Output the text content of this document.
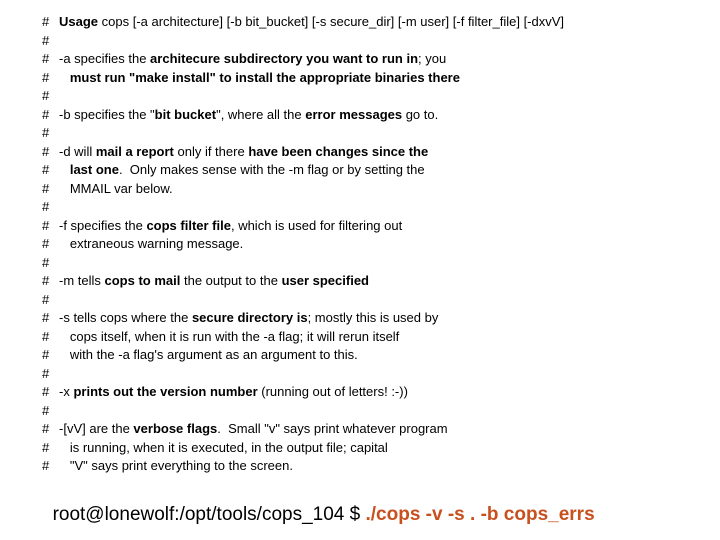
# Usage cops [-a architecture] [-b bit_bucket] [-s secure_dir] [-m user] [-f filter_file] [-dxvV]
#
# -a specifies the architecure subdirectory you want to run in; you
# must run "make install" to install the appropriate binaries there
#
# -b specifies the "bit bucket", where all the error messages go to.
#
# -d will mail a report only if there have been changes since the
#	last one.  Only makes sense with the -m flag or by setting the
# MMAIL var below.
#
# -f specifies the cops filter file, which is used for filtering out
# extraneous warning message.
#
# -m tells cops to mail the output to the user specified
#
# -s tells cops where the secure directory is; mostly this is used by
# cops itself, when it is run with the -a flag; it will rerun itself
# with the -a flag's argument as an argument to this.
#
# -x prints out the version number (running out of letters! :-))
#
# -[vV] are the verbose flags.  Small "v" says print whatever program
# is running, when it is executed, in the output file; capital
# "V" says print everything to the screen.

root@lonewolf:/opt/tools/cops_104 $ ./cops -v -s . -b cops_errs
